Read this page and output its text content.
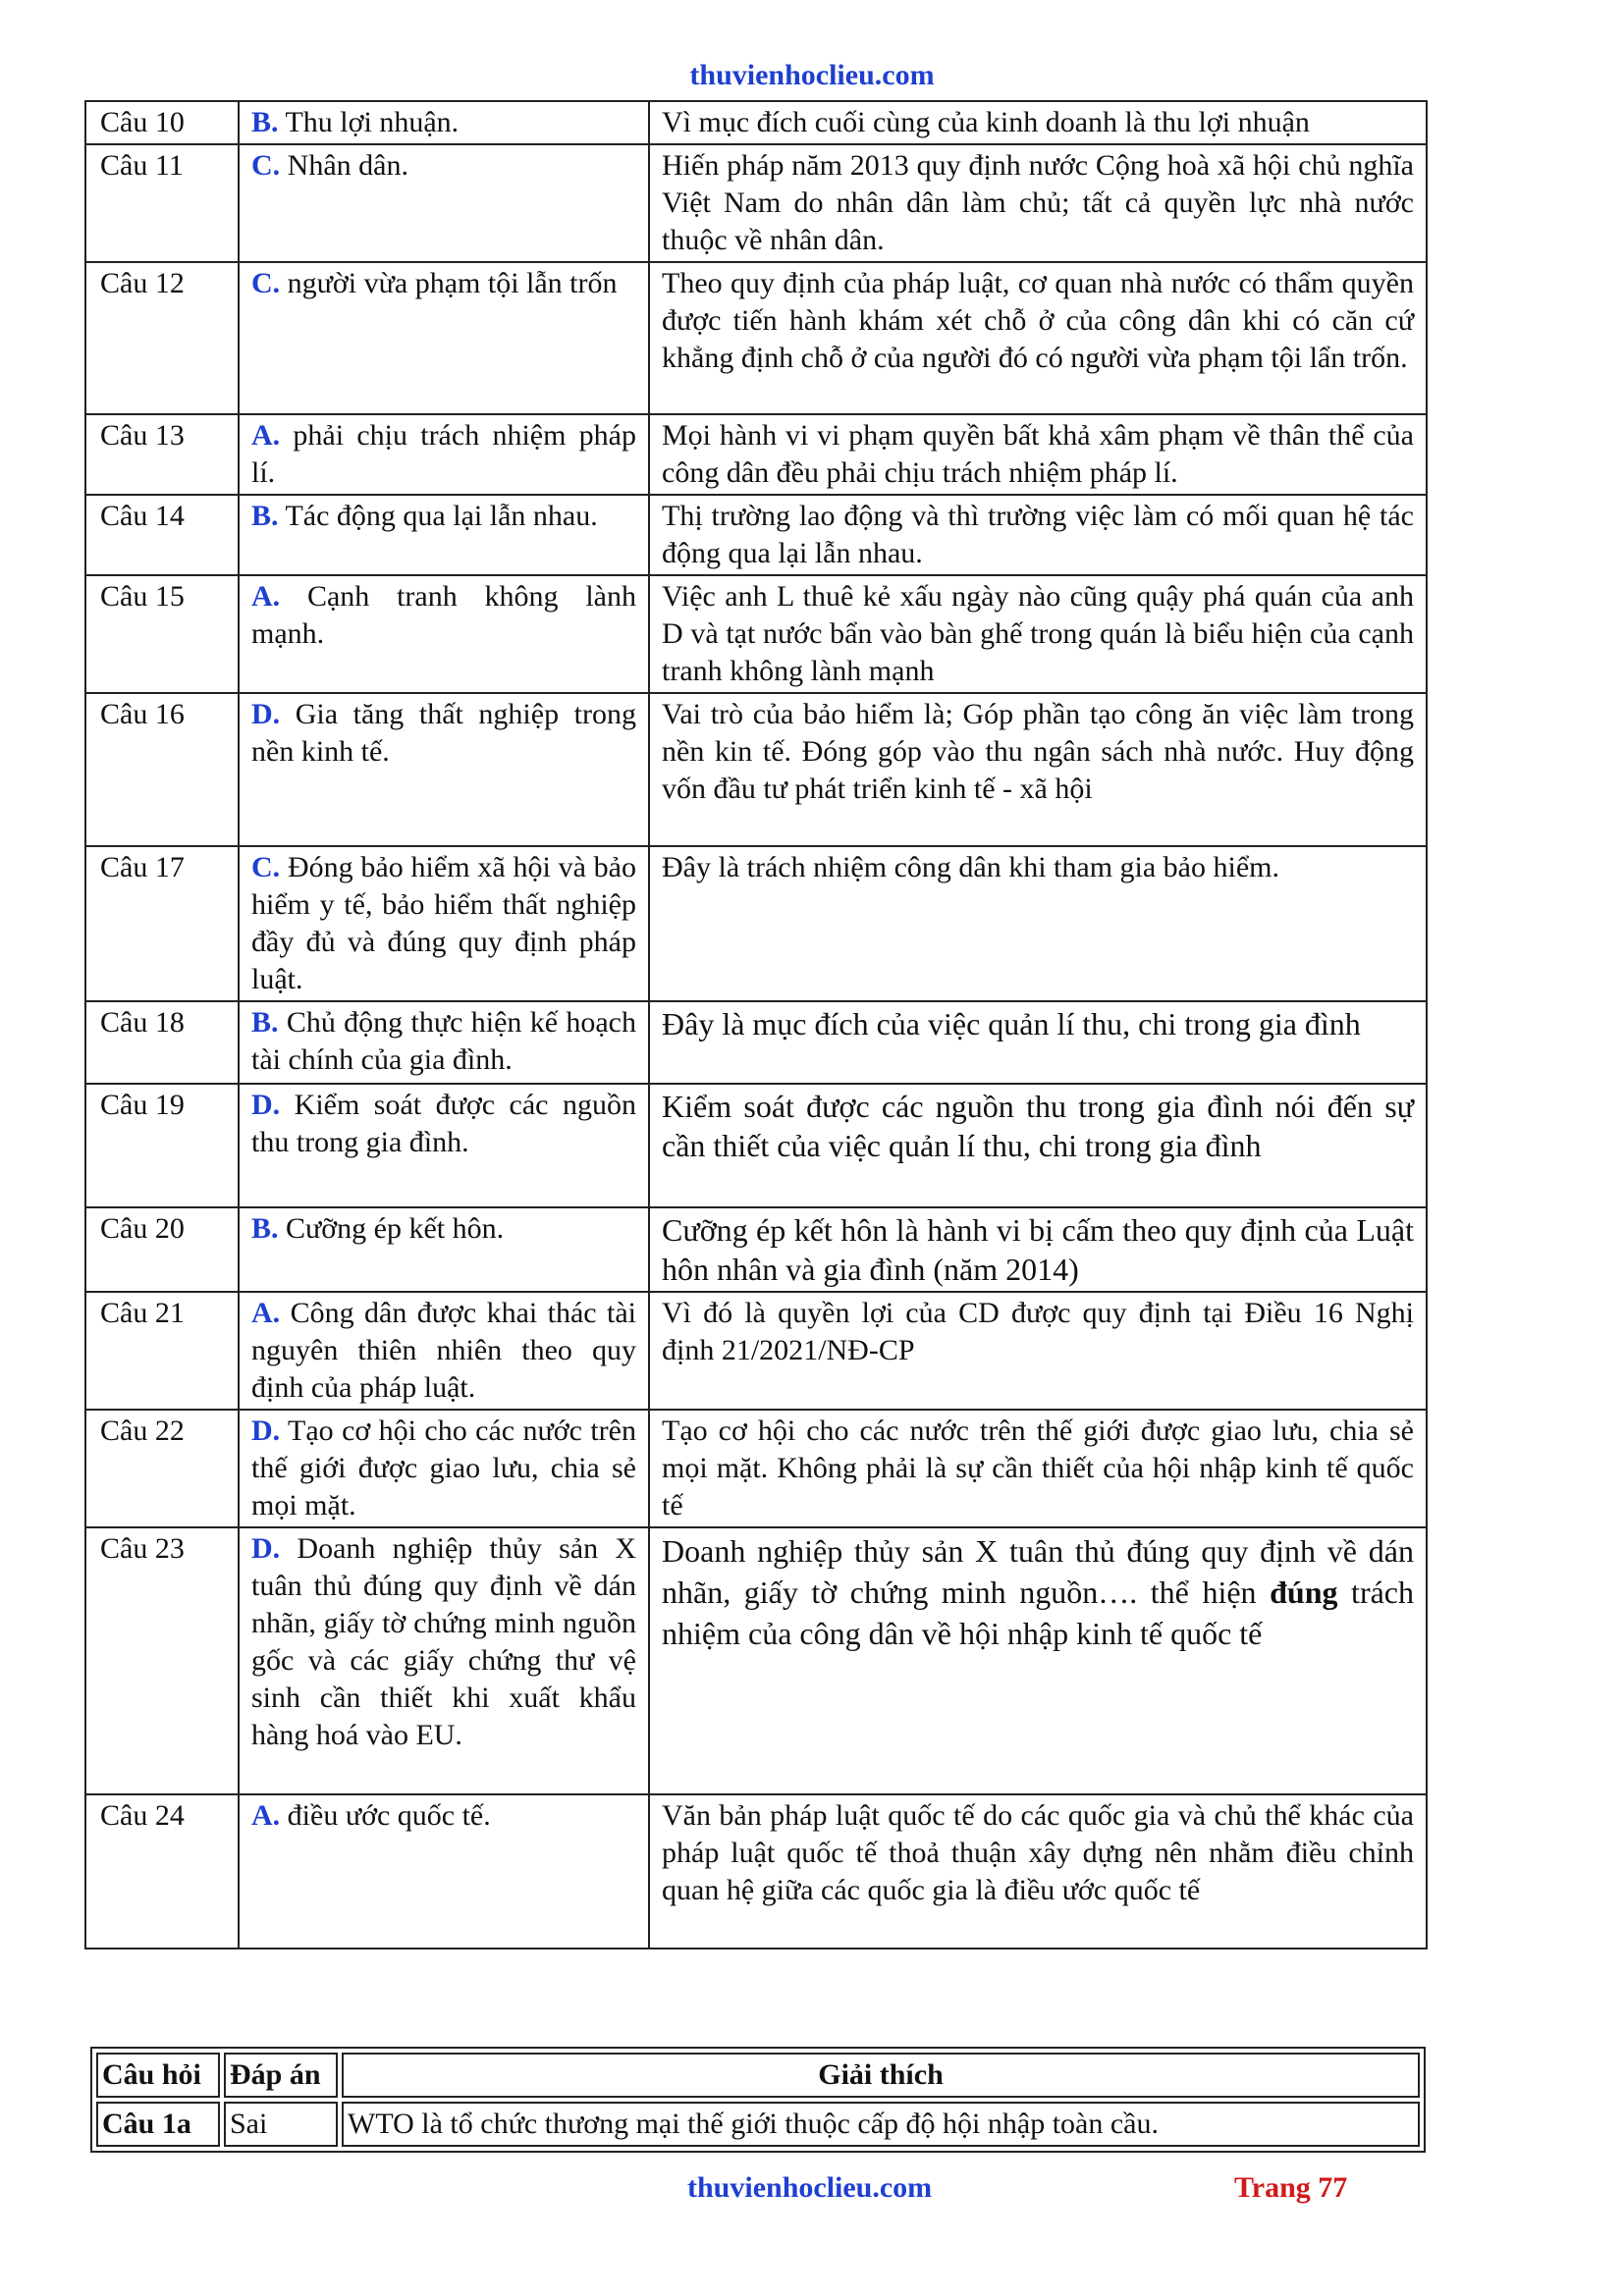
thuvienhoclieu.com
Câu 10	B. Thu lợi nhuận.	Vì mục đích cuối cùng của kinh doanh là thu lợi nhuận
Câu 11	C. Nhân dân.	Hiến pháp năm 2013 quy định nước Cộng hoà xã hội chủ nghĩa Việt Nam do nhân dân làm chủ; tất cả quyền lực nhà nước thuộc về nhân dân.
Câu 12	C. người vừa phạm tội lẫn trốn	Theo quy định của pháp luật, cơ quan nhà nước có thẩm quyền được tiến hành khám xét chỗ ở của công dân khi có căn cứ khẳng định chỗ ở của người đó có người vừa phạm tội lẩn trốn.
Câu 13	A. phải chịu trách nhiệm pháp lí.	Mọi hành vi vi phạm quyền bất khả xâm phạm về thân thể của công dân đều phải chịu trách nhiệm pháp lí.
Câu 14	B. Tác động qua lại lẫn nhau.	Thị trường lao động và thì trường việc làm có mối quan hệ tác động qua lại lẫn nhau.
Câu 15	A. Cạnh tranh không lành mạnh.	Việc anh L thuê kẻ xấu ngày nào cũng quậy phá quán của anh D và tạt nước bẩn vào bàn ghế trong quán là biểu hiện của cạnh tranh không lành mạnh
Câu 16	D. Gia tăng thất nghiệp trong nền kinh tế.	Vai trò của bảo hiểm là; Góp phần tạo công ăn việc làm trong nền kin tế. Đóng góp vào thu ngân sách nhà nước. Huy động vốn đầu tư phát triển kinh tế - xã hội
Câu 17	C. Đóng bảo hiểm xã hội và bảo hiểm y tế, bảo hiểm thất nghiệp đầy đủ và đúng quy định pháp luật.	Đây là trách nhiệm công dân khi tham gia bảo hiểm.
Câu 18	B. Chủ động thực hiện kế hoạch tài chính của gia đình.	Đây là mục đích của việc quản lí thu, chi trong gia đình
Câu 19	D. Kiểm soát được các nguồn thu trong gia đình.	Kiểm soát được các nguồn thu trong gia đình nói đến sự cần thiết của việc quản lí thu, chi trong gia đình
Câu 20	B. Cưỡng ép kết hôn.	Cưỡng ép kết hôn là hành vi bị cấm theo quy định của Luật hôn nhân và gia đình (năm 2014)
Câu 21	A. Công dân được khai thác tài nguyên thiên nhiên theo quy định của pháp luật.	Vì đó là quyền lợi của CD được quy định tại Điều 16 Nghị định 21/2021/NĐ-CP
Câu 22	D. Tạo cơ hội cho các nước trên thế giới được giao lưu, chia sẻ mọi mặt.	Tạo cơ hội cho các nước trên thế giới được giao lưu, chia sẻ mọi mặt. Không phải là sự cần thiết của hội nhập kinh tế quốc tế
Câu 23	D. Doanh nghiệp thủy sản X tuân thủ đúng quy định về dán nhãn, giấy tờ chứng minh nguồn gốc và các giấy chứng thư vệ sinh cần thiết khi xuất khẩu hàng hoá vào EU.	Doanh nghiệp thủy sản X tuân thủ đúng quy định về dán nhãn, giấy tờ chứng minh nguồn…. thể hiện đúng trách nhiệm của công dân về hội nhập kinh tế quốc tế
Câu 24	A. điều ước quốc tế.	Văn bản pháp luật quốc tế do các quốc gia và chủ thể khác của pháp luật quốc tế thoả thuận xây dựng nên nhằm điều chỉnh quan hệ giữa các quốc gia là điều ước quốc tế
Câu hỏi	Đáp án	Giải thích
Câu 1a	Sai	WTO là tổ chức thương mại thế giới thuộc cấp độ hội nhập toàn cầu.
thuvienhoclieu.com	Trang 77
